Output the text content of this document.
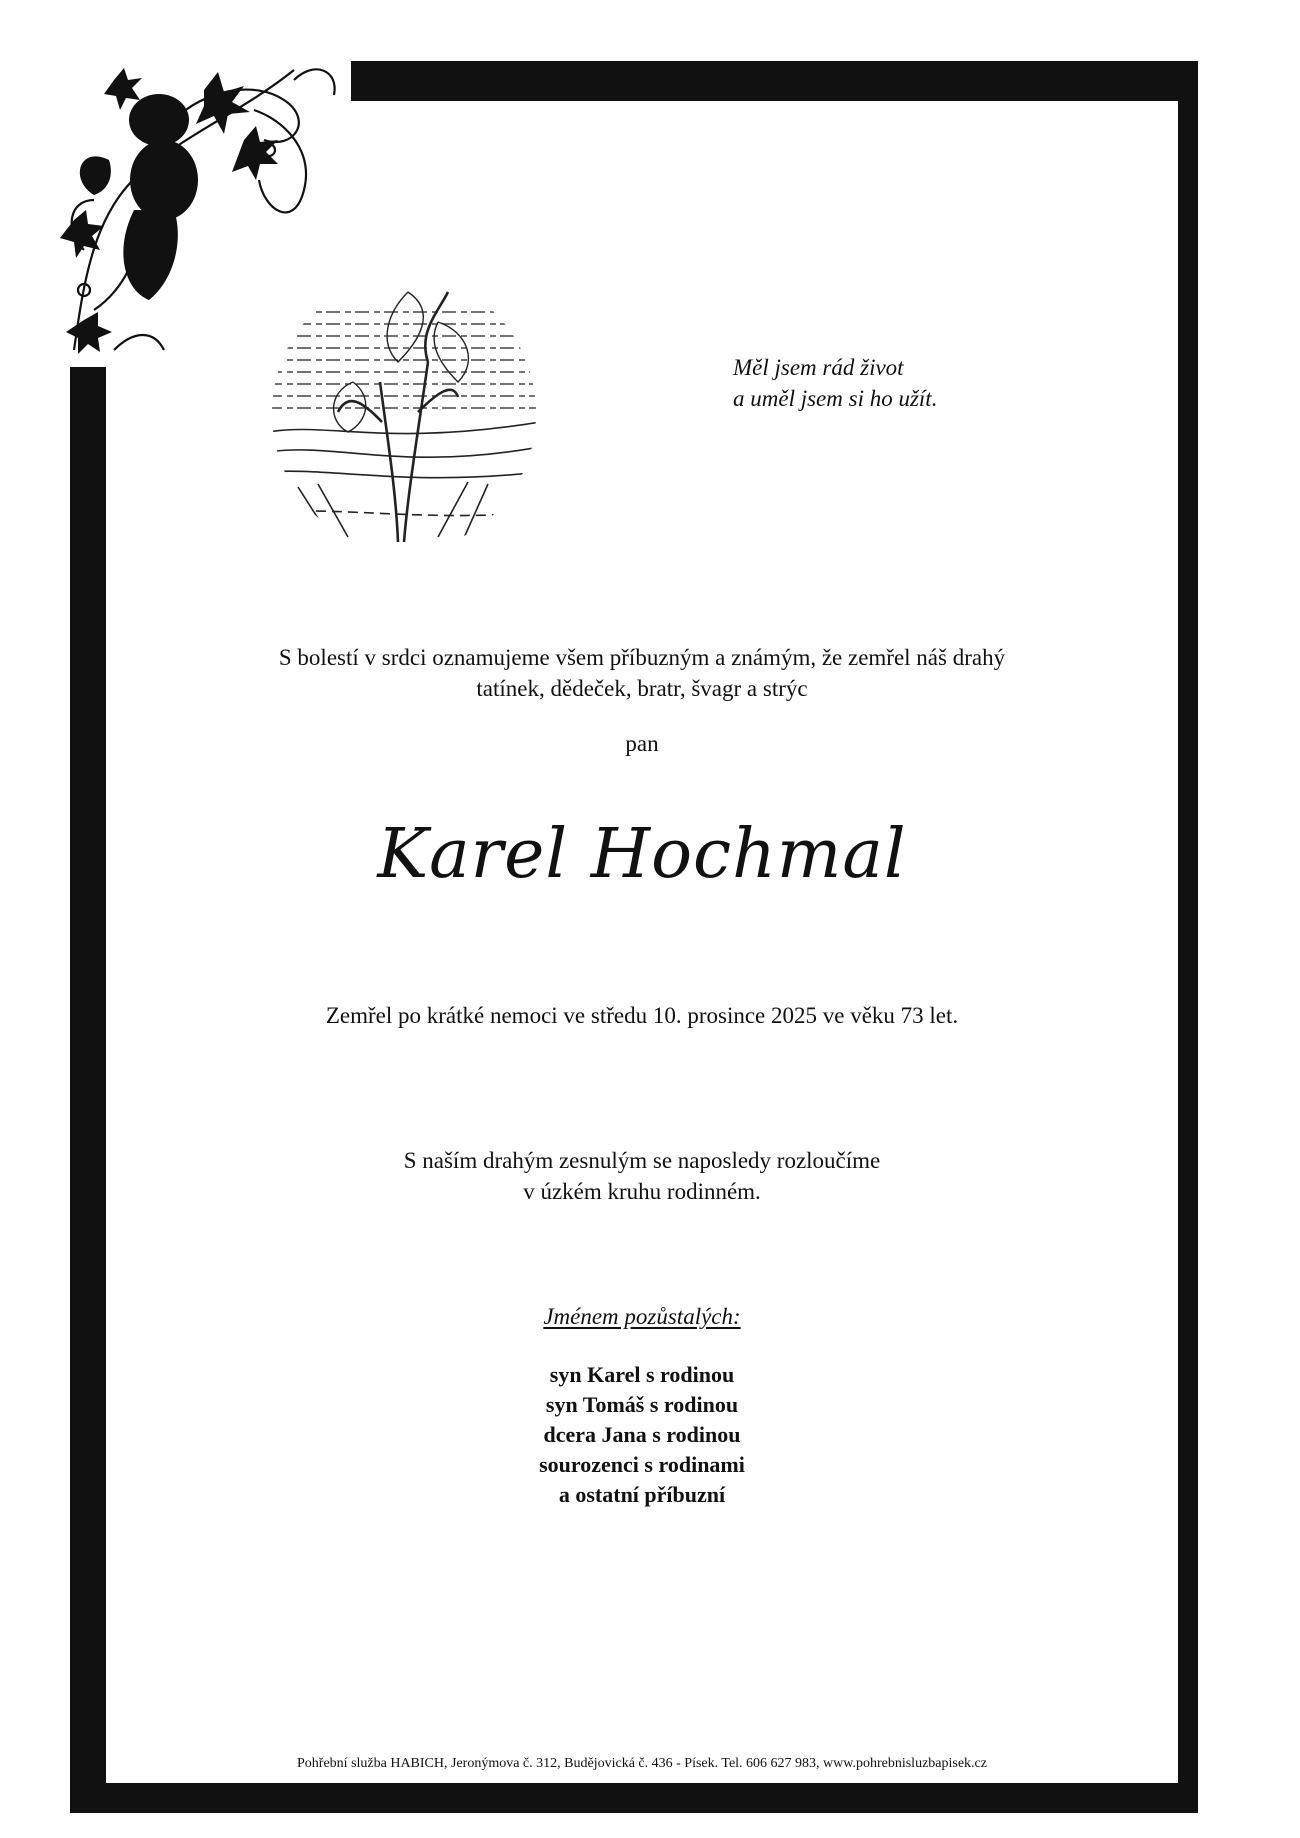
Měl jsem rád život
a uměl jsem si ho užít.
S bolestí v srdci oznamujeme všem příbuzným a známým, že zemřel náš drahý
tatínek, dědeček, bratr, švagr a strýc
pan
Karel Hochmal
Zemřel po krátké nemoci ve středu 10. prosince 2025 ve věku 73 let.
S naším drahým zesnulým se naposledy rozloučíme
v úzkém kruhu rodinném.
Jménem pozůstalých:
syn Karel s rodinou
syn Tomáš s rodinou
dcera Jana s rodinou
sourozenci s rodinami
a ostatní příbuzní
Pohřební služba HABICH, Jeronýmova č. 312, Budějovická č. 436 - Písek. Tel. 606 627 983, www.pohrebnisluzbapisek.cz
